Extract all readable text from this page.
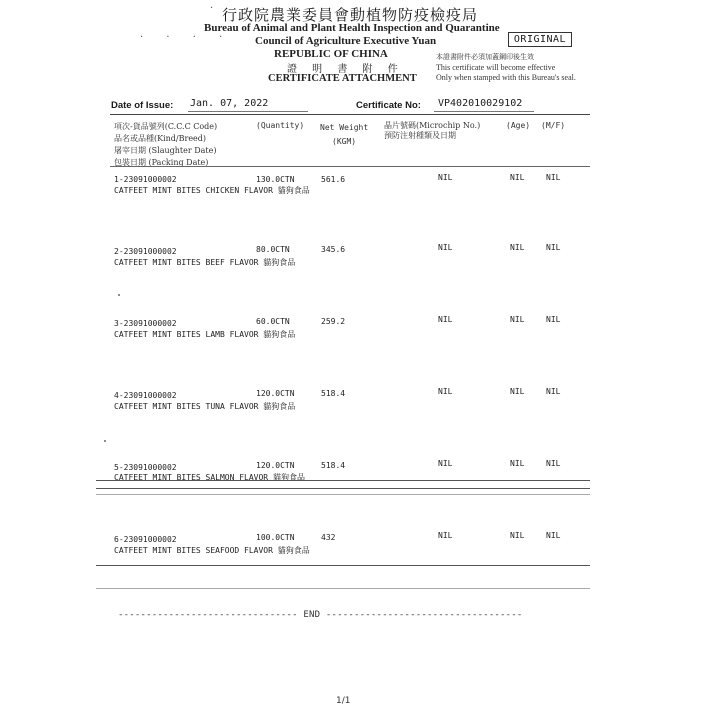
· · · ·
· 行政院農業委員會動植物防疫檢疫局
Bureau of Animal and Plant Health Inspection and Quarantine
Council of Agriculture Executive Yuan
REPUBLIC OF CHINA
證 明 書 附 件
CERTIFICATE ATTACHMENT
ORIGINAL
本證書附件必須加蓋鋼印後生效
This certificate will become effective
Only when stamped with this Bureau's seal.
Date of Issue: Jan. 07, 2022	Certificate No: VP402010029102
項次-貨品號列(C.C.C Code)
品名或品種(Kind/Breed)
屠宰日期 (Slaughter Date)
包裝日期 (Packing Date)
(Quantity) Net Weight
(KGM)
晶片號碼(Microchip No.)
預防注射種類及日期
(Age) (M/F)
1-23091000002
CATFEET MINT BITES CHICKEN FLAVOR 貓狗食品
130.0CTN	561.6	NIL	NIL	NIL
2-23091000002
CATFEET MINT BITES BEEF FLAVOR 貓狗食品
80.0CTN	345.6	NIL	NIL	NIL
3-23091000002
CATFEET MINT BITES LAMB FLAVOR 貓狗食品
60.0CTN	259.2	NIL	NIL	NIL
4-23091000002
CATFEET MINT BITES TUNA FLAVOR 貓狗食品
120.0CTN	518.4	NIL	NIL	NIL
5-23091000002
CATFEET MINT BITES SALMON FLAVOR 貓狗食品
120.0CTN	518.4	NIL	NIL	NIL
6-23091000002
CATFEET MINT BITES SEAFOOD FLAVOR 貓狗食品
100.0CTN	432	NIL	NIL	NIL
-------------------------------- END -----------------------------------
1/1
